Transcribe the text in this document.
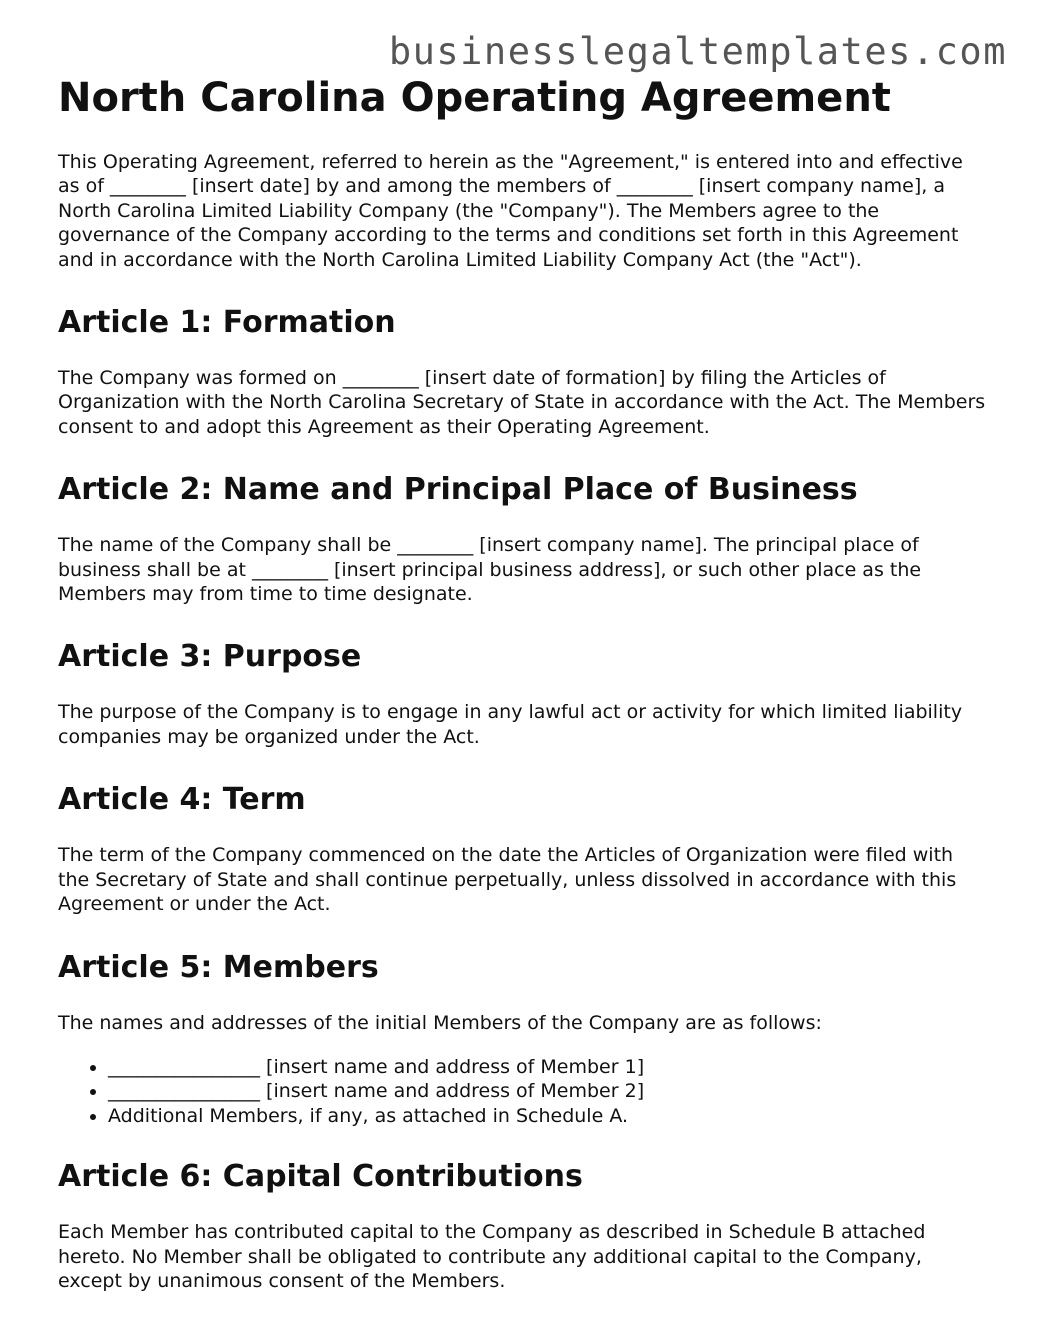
businesslegaltemplates.com
North Carolina Operating Agreement

This Operating Agreement, referred to herein as the "Agreement," is entered into and effective as of ________ [insert date] by and among the members of ________ [insert company name], a North Carolina Limited Liability Company (the "Company"). The Members agree to the governance of the Company according to the terms and conditions set forth in this Agreement and in accordance with the North Carolina Limited Liability Company Act (the "Act").

Article 1: Formation

The Company was formed on ________ [insert date of formation] by filing the Articles of Organization with the North Carolina Secretary of State in accordance with the Act. The Members consent to and adopt this Agreement as their Operating Agreement.

Article 2: Name and Principal Place of Business

The name of the Company shall be ________ [insert company name]. The principal place of business shall be at ________ [insert principal business address], or such other place as the Members may from time to time designate.

Article 3: Purpose

The purpose of the Company is to engage in any lawful act or activity for which limited liability companies may be organized under the Act.

Article 4: Term

The term of the Company commenced on the date the Articles of Organization were filed with the Secretary of State and shall continue perpetually, unless dissolved in accordance with this Agreement or under the Act.

Article 5: Members

The names and addresses of the initial Members of the Company are as follows:

• ________________ [insert name and address of Member 1]
• ________________ [insert name and address of Member 2]
• Additional Members, if any, as attached in Schedule A.
Article 6: Capital Contributions

Each Member has contributed capital to the Company as described in Schedule B attached hereto. No Member shall be obligated to contribute any additional capital to the Company, except by unanimous consent of the Members.
